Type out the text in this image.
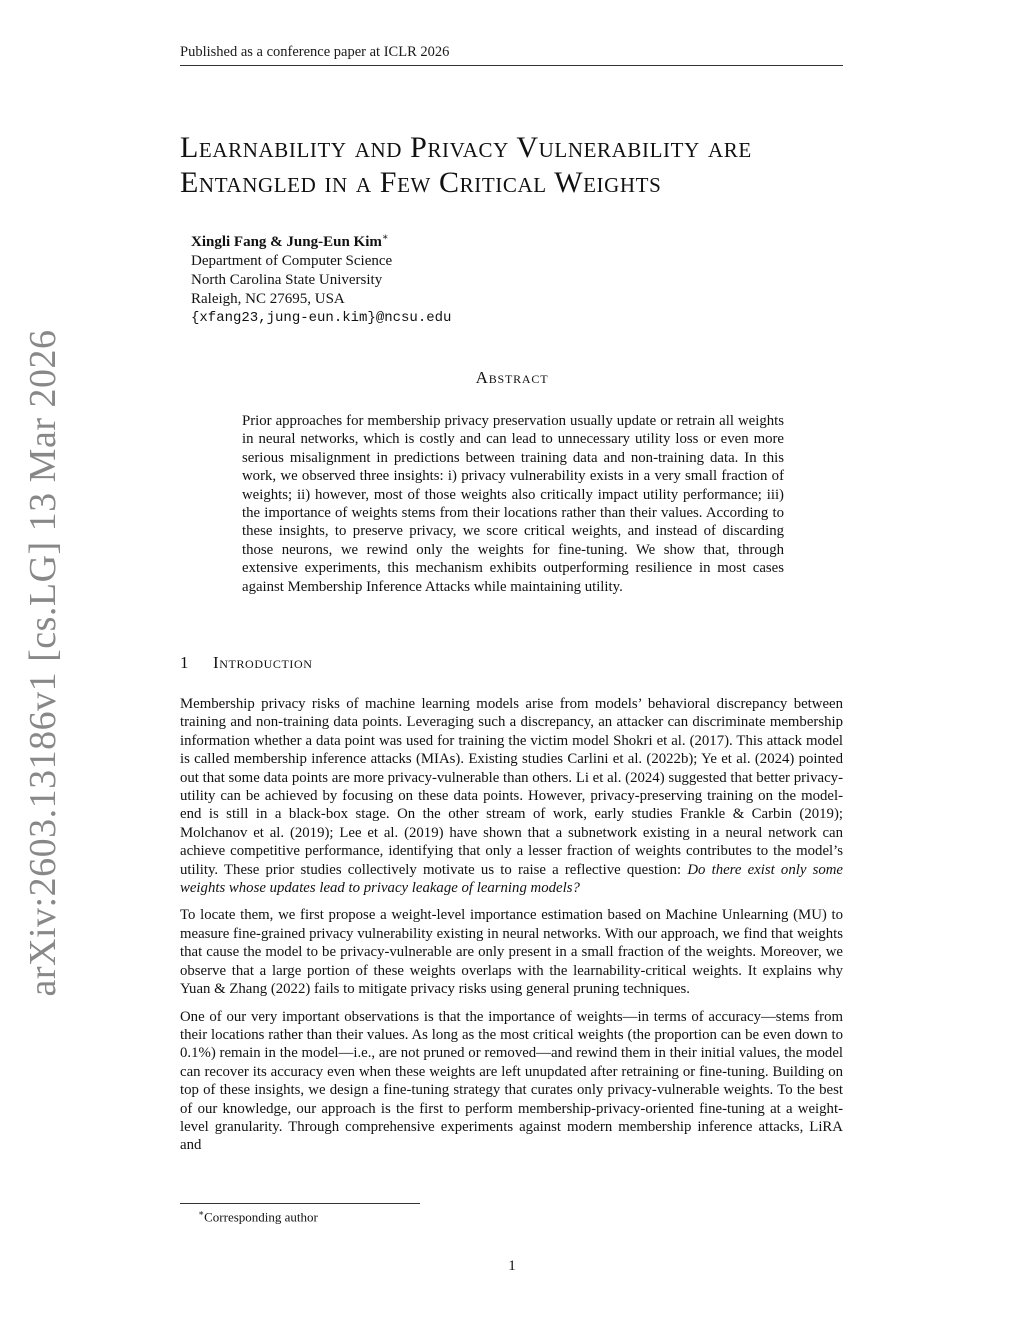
Published as a conference paper at ICLR 2026
arXiv:2603.13186v1 [cs.LG] 13 Mar 2026
Learnability and Privacy Vulnerability are
Entangled in a Few Critical Weights
Xingli Fang & Jung-Eun Kim∗
Department of Computer Science
North Carolina State University
Raleigh, NC 27695, USA
{xfang23,jung-eun.kim}@ncsu.edu
Abstract
Prior approaches for membership privacy preservation usually update or retrain all weights in neural networks, which is costly and can lead to unnecessary utility loss or even more serious misalignment in predictions between training data and non-training data. In this work, we observed three insights: i) privacy vulnerability exists in a very small fraction of weights; ii) however, most of those weights also critically impact utility performance; iii) the importance of weights stems from their locations rather than their values. According to these insights, to preserve privacy, we score critical weights, and instead of discarding those neurons, we rewind only the weights for fine-tuning. We show that, through extensive experiments, this mechanism exhibits outperforming resilience in most cases against Membership Inference Attacks while maintaining utility.
1 Introduction

Membership privacy risks of machine learning models arise from models’ behavioral discrepancy between training and non-training data points. Leveraging such a discrepancy, an attacker can discriminate membership information whether a data point was used for training the victim model Shokri et al. (2017). This attack model is called membership inference attacks (MIAs). Existing studies Carlini et al. (2022b); Ye et al. (2024) pointed out that some data points are more privacy-vulnerable than others. Li et al. (2024) suggested that better privacy-utility can be achieved by focusing on these data points. However, privacy-preserving training on the model-end is still in a black-box stage. On the other stream of work, early studies Frankle & Carbin (2019); Molchanov et al. (2019); Lee et al. (2019) have shown that a subnetwork existing in a neural network can achieve competitive performance, identifying that only a lesser fraction of weights contributes to the model’s utility. These prior studies collectively motivate us to raise a reflective question: Do there exist only some weights whose updates lead to privacy leakage of learning models?

To locate them, we first propose a weight-level importance estimation based on Machine Unlearning (MU) to measure fine-grained privacy vulnerability existing in neural networks. With our approach, we find that weights that cause the model to be privacy-vulnerable are only present in a small fraction of the weights. Moreover, we observe that a large portion of these weights overlaps with the learnability-critical weights. It explains why Yuan & Zhang (2022) fails to mitigate privacy risks using general pruning techniques.

One of our very important observations is that the importance of weights—in terms of accuracy—stems from their locations rather than their values. As long as the most critical weights (the proportion can be even down to 0.1%) remain in the model—i.e., are not pruned or removed—and rewind them in their initial values, the model can recover its accuracy even when these weights are left unupdated after retraining or fine-tuning. Building on top of these insights, we design a fine-tuning strategy that curates only privacy-vulnerable weights. To the best of our knowledge, our approach is the first to perform membership-privacy-oriented fine-tuning at a weight-level granularity. Through comprehensive experiments against modern membership inference attacks, LiRA and

∗Corresponding author
1
